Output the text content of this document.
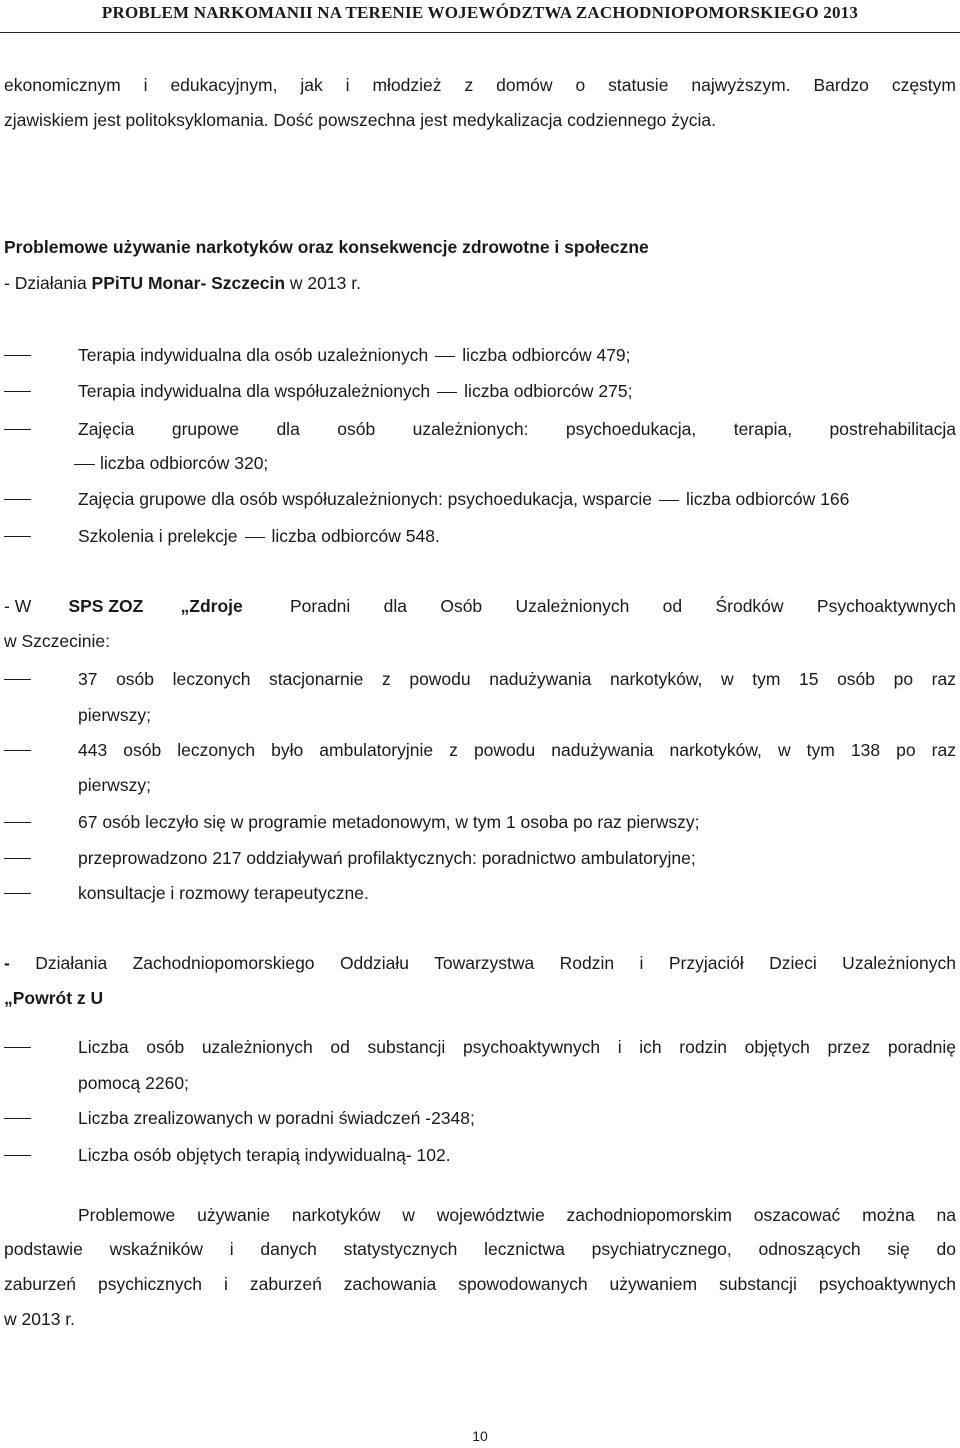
PROBLEM NARKOMANII NA TERENIE WOJEWÓDZTWA ZACHODNIOPOMORSKIEGO 2013
ekonomicznym i edukacyjnym, jak i młodzież z domów o statusie najwyższym. Bardzo częstym
zjawiskiem jest politoksyklomania. Dość powszechna jest medykalizacja codziennego życia.
Problemowe używanie narkotyków oraz konsekwencje zdrowotne i społeczne
- Działania PPiTU Monar- Szczecin w 2013 r.
Terapia indywidualna dla osób uzależnionych liczba odbiorców 479;
Terapia indywidualna dla współuzależnionych liczba odbiorców 275;
Zajęcia grupowe dla osób uzależnionych: psychoedukacja, terapia, postrehabilitacja
liczba odbiorców 320;
Zajęcia grupowe dla osób współuzależnionych: psychoedukacja, wsparcie liczba odbiorców 166
Szkolenia i prelekcje liczba odbiorców 548.
- W SPS ZOZ „Zdroje	Poradni dla Osób Uzależnionych od Środków Psychoaktywnych
w Szczecinie:
37 osób leczonych stacjonarnie z powodu nadużywania narkotyków, w tym 15 osób po raz
pierwszy;
443 osób leczonych było ambulatoryjnie z powodu nadużywania narkotyków, w tym 138 po raz
pierwszy;
67 osób leczyło się w programie metadonowym, w tym 1 osoba po raz pierwszy;
przeprowadzono 217 oddziaływań profilaktycznych: poradnictwo ambulatoryjne;
konsultacje i rozmowy terapeutyczne.
- Działania Zachodniopomorskiego Oddziału Towarzystwa Rodzin i Przyjaciół Dzieci Uzależnionych
„Powrót z U
Liczba osób uzależnionych od substancji psychoaktywnych i ich rodzin objętych przez poradnię
pomocą 2260;
Liczba zrealizowanych w poradni świadczeń -2348;
Liczba osób objętych terapią indywidualną- 102.
Problemowe używanie narkotyków w województwie zachodniopomorskim oszacować można na
podstawie wskaźników i danych statystycznych lecznictwa psychiatrycznego, odnoszących się do
zaburzeń psychicznych i zaburzeń zachowania spowodowanych używaniem substancji psychoaktywnych
w 2013 r.
10
